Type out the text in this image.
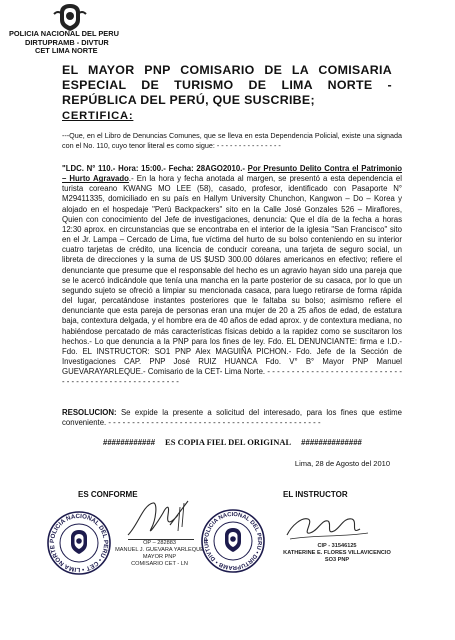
POLICIA NACIONAL DEL PERU
DIRTUPRAMB - DIVTUR
CET LIMA NORTE
EL MAYOR PNP COMISARIO DE LA COMISARIA ESPECIAL DE TURISMO DE LIMA NORTE - REPÚBLICA DEL PERÚ, QUE SUSCRIBE;
CERTIFICA:
---Que, en el Libro de Denuncias Comunes, que se lleva en esta Dependencia Policial, existe una signada con el No. 110, cuyo tenor literal es como sigue: - - - - - - - - - - - - - - -

"LDC. N° 110.- Hora: 15:00.- Fecha: 28AGO2010.- Por Presunto Delito Contra el Patrimonio – Hurto Agravado.- En la hora y fecha anotada al margen, se presentó a esta dependencia el turista coreano KWANG MO LEE (58), casado, profesor, identificado con Pasaporte N° M29411335, domiciliado en su país en Hallym University Chunchon, Kangwon – Do – Korea y alojado en el hospedaje "Perú Backpackers" sito en la Calle José Gonzales 526 – Miraflores, Quien con conocimiento del Jefe de investigaciones, denuncia: Que el día de la fecha a horas 12:30 aprox. en circunstancias que se encontraba en el interior de la iglesia "San Francisco" sito en el Jr. Lampa – Cercado de Lima, fue víctima del hurto de su bolso conteniendo en su interior cuatro tarjetas de crédito, una licencia de conducir coreana, una tarjeta de seguro social, un libreta de direcciones y la suma de US $USD 300.00 dólares americanos en efectivo; refiere el denunciante que presume que el responsable del hecho es un agravio hayan sido una pareja que se le acercó indicándole que tenía una mancha en la parte posterior de su casaca, por lo que un segundo sujeto se ofreció a limpiar su mencionada casaca, para luego retirarse de forma rápida del lugar, percatándose instantes posteriores que le faltaba su bolso; asimismo refiere el denunciante que esta pareja de personas eran una mujer de 20 a 25 años de edad, de estatura baja, contextura delgada, y el hombre era de 40 años de edad aprox. y de contextura mediana, no habiéndose percatado de más características físicas debido a la rapidez como se suscitaron los hechos.- Lo que denuncia a la PNP para los fines de ley. Fdo. EL DENUNCIANTE: firma e I.D.- Fdo. EL INSTRUCTOR: SO1 PNP Alex MAGUIÑA PICHON.- Fdo. Jefe de la Sección de Investigaciones CAP. PNP José RUIZ HUANCA Fdo. V° B° Mayor PNP Manuel GUEVARAYARLEQUE.- Comisario de la CET- Lima Norte. - - - - - - - - - - - - - - - - - - - - - - - - - - - - - - - - - - - - - - - - - - - - - - - - - - - - -

RESOLUCION: Se expide la presente a solicitud del interesado, para los fines que estime conveniente. - - - - - - - - - - - - - - - - - - - - - - - - - - - - - - - - - - - - - - - - - - - - -

############ ES COPIA FIEL DEL ORIGINAL ##############
Lima, 28 de Agosto del 2010
ES CONFORME	EL INSTRUCTOR
POLICIA NACIONAL DEL PERU • CET • LIMA NORTE
OP – 282883
MANUEL J. GUEVARA YARLEQUE
MAYOR PNP
COMISARIO CET - LN
POLICIA NACIONAL DEL PERU • DIRTUPRAMB • DIVTUR
CIP - 31546125
KATHERINE E. FLORES VILLAVICENCIO
SO3 PNP
